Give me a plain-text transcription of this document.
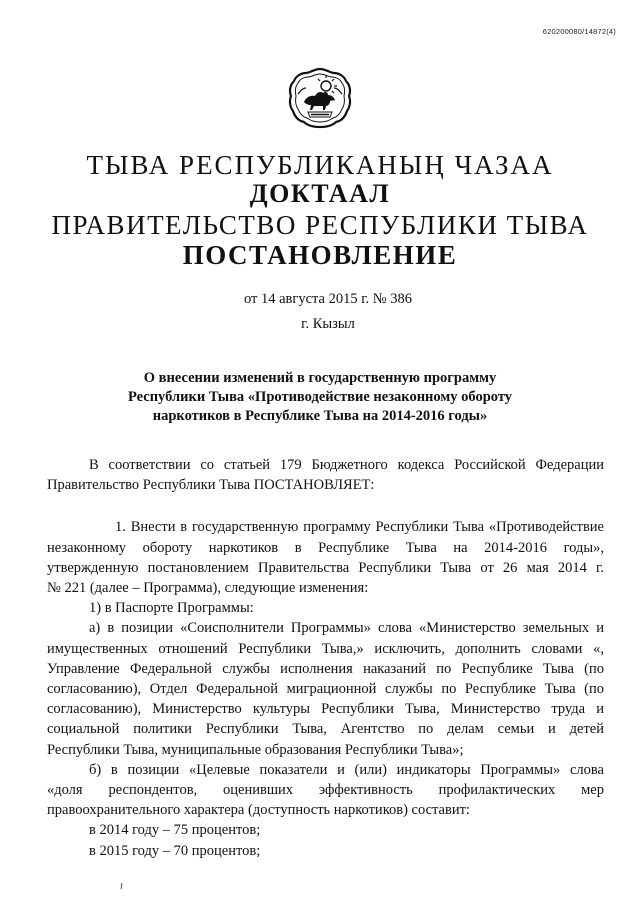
620200080/14872(4)
ТЫВА РЕСПУБЛИКАНЫҢ ЧАЗАА
ДОКТААЛ
ПРАВИТЕЛЬСТВО РЕСПУБЛИКИ ТЫВА
ПОСТАНОВЛЕНИЕ
от 14 августа 2015 г. № 386
г. Кызыл
О внесении изменений в государственную программу
Республики Тыва «Противодействие незаконному обороту
наркотиков в Республике Тыва на 2014-2016 годы»
В соответствии со статьей 179 Бюджетного кодекса Российской Федерации
Правительство Республики Тыва ПОСТАНОВЛЯЕТ:
1. Внести в государственную программу Республики Тыва «Противодействие
незаконному обороту наркотиков в Республике Тыва на 2014-2016 годы»,
утвержденную постановлением Правительства Республики Тыва от 26 мая 2014 г.
№ 221 (далее – Программа), следующие изменения:
1) в Паспорте Программы:
а) в позиции «Соисполнители Программы» слова «Министерство земельных и
имущественных отношений Республики Тыва,» исключить, дополнить словами «,
Управление Федеральной службы исполнения наказаний по Республике Тыва (по
согласованию), Отдел Федеральной миграционной службы по Республике Тыва (по
согласованию), Министерство культуры Республики Тыва, Министерство труда и
социальной политики Республики Тыва, Агентство по делам семьи и детей
Республики Тыва, муниципальные образования Республики Тыва»;
б) в позиции «Целевые показатели и (или) индикаторы Программы» слова
«доля респондентов, оценивших эффективность профилактических мер
правоохранительного характера (доступность наркотиков) составит:
в 2014 году – 75 процентов;
в 2015 году – 70 процентов;
